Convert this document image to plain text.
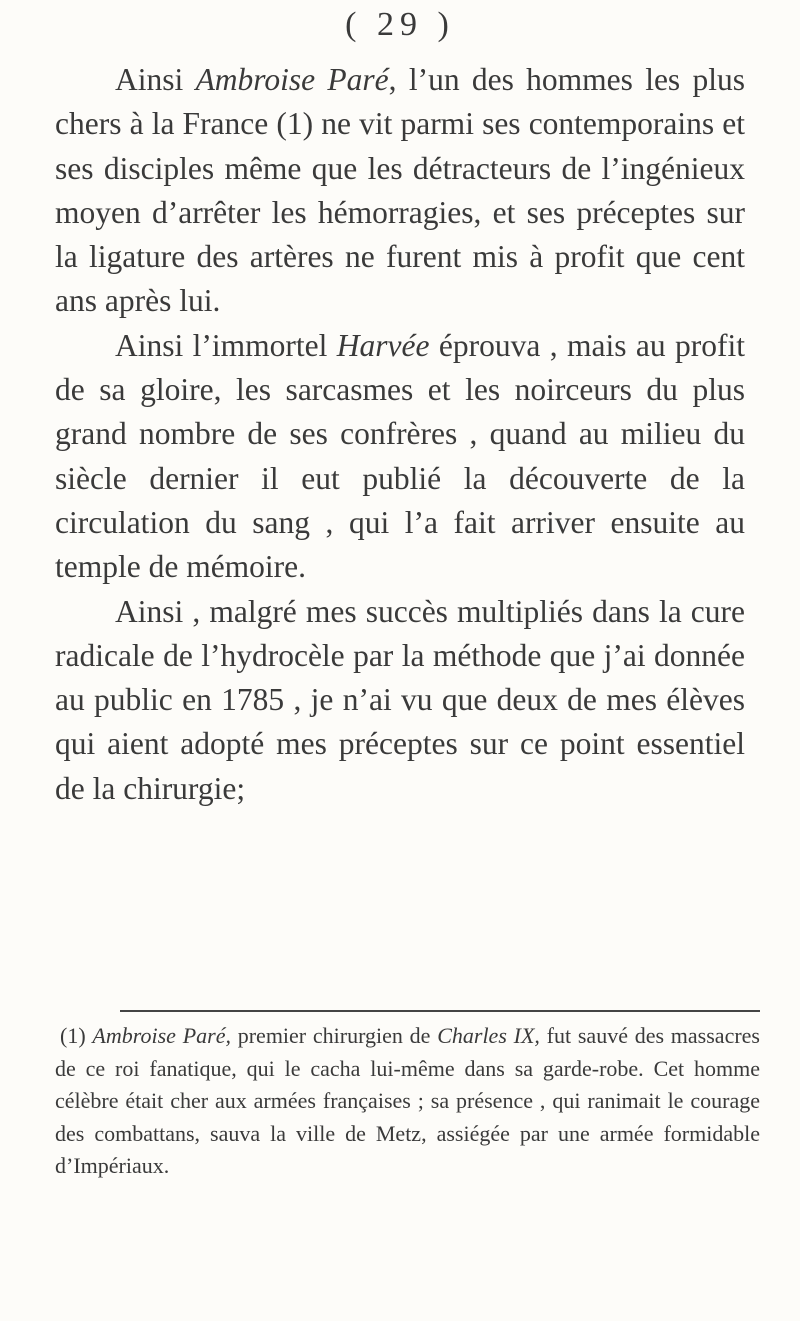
( 29 )

Ainsi Ambroise Paré, l’un des hommes les plus chers à la France (1) ne vit parmi ses contemporains et ses disciples même que les détracteurs de l’ingénieux moyen d’arrêter les hémorragies, et ses préceptes sur la ligature des artères ne furent mis à profit que cent ans après lui.

Ainsi l’immortel Harvée éprouva , mais au profit de sa gloire, les sarcasmes et les noirceurs du plus grand nombre de ses confrères , quand au milieu du siècle dernier il eut publié la découverte de la circulation du sang , qui l’a fait arriver ensuite au temple de mémoire.

Ainsi , malgré mes succès multipliés dans la cure radicale de l’hydrocèle par la méthode que j’ai donnée au public en 1785 , je n’ai vu que deux de mes élèves qui aient adopté mes préceptes sur ce point essentiel de la chirurgie;

(1) Ambroise Paré, premier chirurgien de Charles IX, fut sauvé des massacres de ce roi fanatique, qui le cacha lui-même dans sa garde-robe. Cet homme célèbre était cher aux armées françaises ; sa présence , qui ranimait le courage des combattans, sauva la ville de Metz, assiégée par une armée formidable d’Impériaux.
